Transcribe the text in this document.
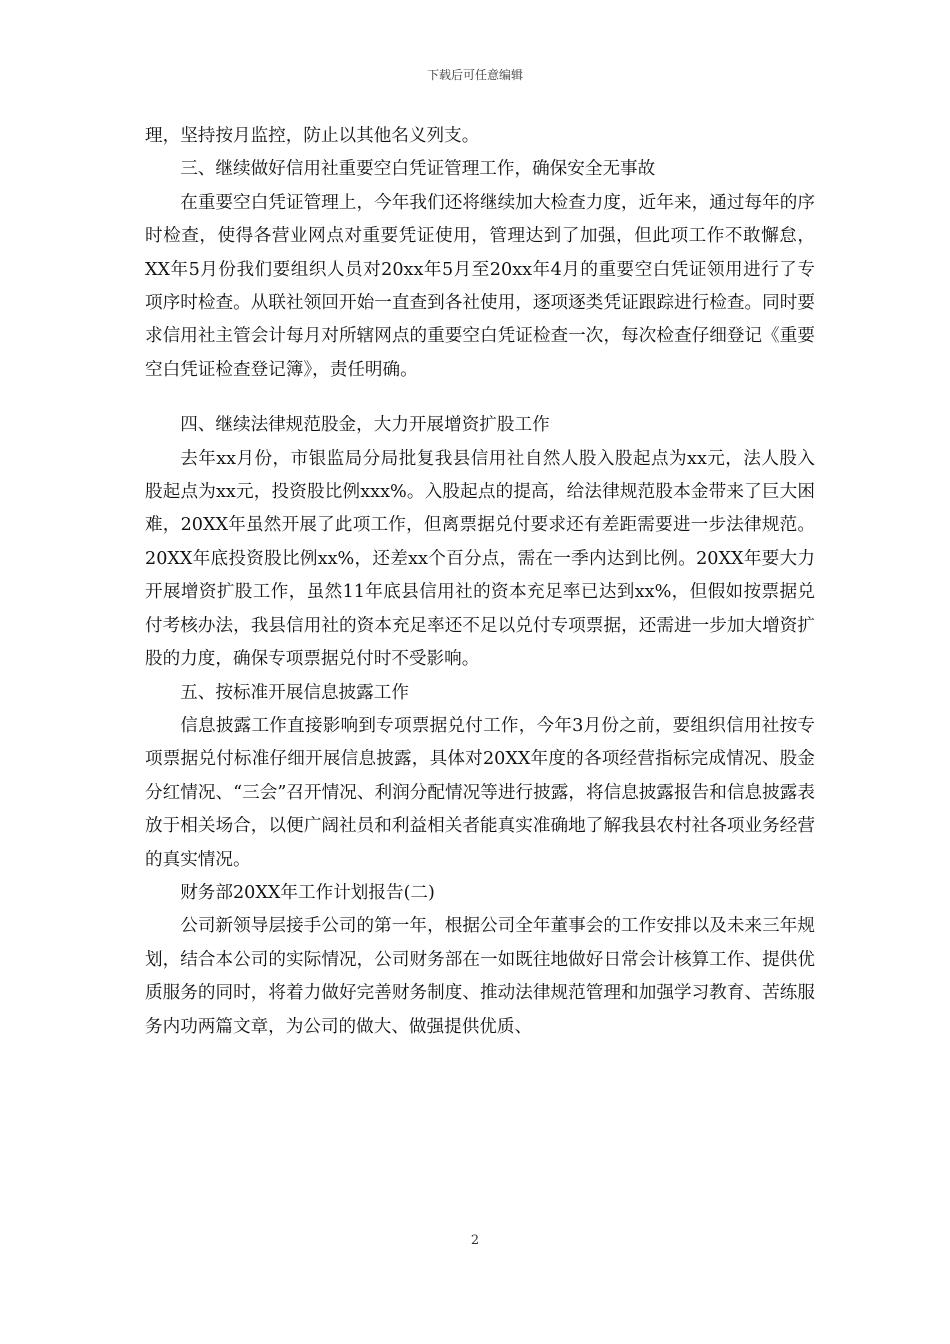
下载后可任意编辑

理，坚持按月监控，防止以其他名义列支。

三、继续做好信用社重要空白凭证管理工作，确保安全无事故

在重要空白凭证管理上，今年我们还将继续加大检查力度，近年来，通过每年的序时检查，使得各营业网点对重要凭证使用，管理达到了加强，但此项工作不敢懈怠，XX年5月份我们要组织人员对20xx年5月至20xx年4月的重要空白凭证领用进行了专项序时检查。从联社领回开始一直查到各社使用，逐项逐类凭证跟踪进行检查。同时要求信用社主管会计每月对所辖网点的重要空白凭证检查一次，每次检查仔细登记《重要空白凭证检查登记簿》，责任明确。

四、继续法律规范股金，大力开展增资扩股工作

去年xx月份，市银监局分局批复我县信用社自然人股入股起点为xx元，法人股入股起点为xx元，投资股比例xxx%。入股起点的提高，给法律规范股本金带来了巨大困难，20XX年虽然开展了此项工作，但离票据兑付要求还有差距需要进一步法律规范。20XX年底投资股比例xx%，还差xx个百分点，需在一季内达到比例。20XX年要大力开展增资扩股工作，虽然11年底县信用社的资本充足率已达到xx%，但假如按票据兑付考核办法，我县信用社的资本充足率还不足以兑付专项票据，还需进一步加大增资扩股的力度，确保专项票据兑付时不受影响。

五、按标准开展信息披露工作

信息披露工作直接影响到专项票据兑付工作，今年3月份之前，要组织信用社按专项票据兑付标准仔细开展信息披露，具体对20XX年度的各项经营指标完成情况、股金分红情况、“三会”召开情况、利润分配情况等进行披露，将信息披露报告和信息披露表放于相关场合，以便广阔社员和利益相关者能真实准确地了解我县农村社各项业务经营的真实情况。

财务部20XX年工作计划报告(二)

公司新领导层接手公司的第一年，根据公司全年董事会的工作安排以及未来三年规划，结合本公司的实际情况，公司财务部在一如既往地做好日常会计核算工作、提供优质服务的同时，将着力做好完善财务制度、推动法律规范管理和加强学习教育、苦练服务内功两篇文章，为公司的做大、做强提供优质、

2
